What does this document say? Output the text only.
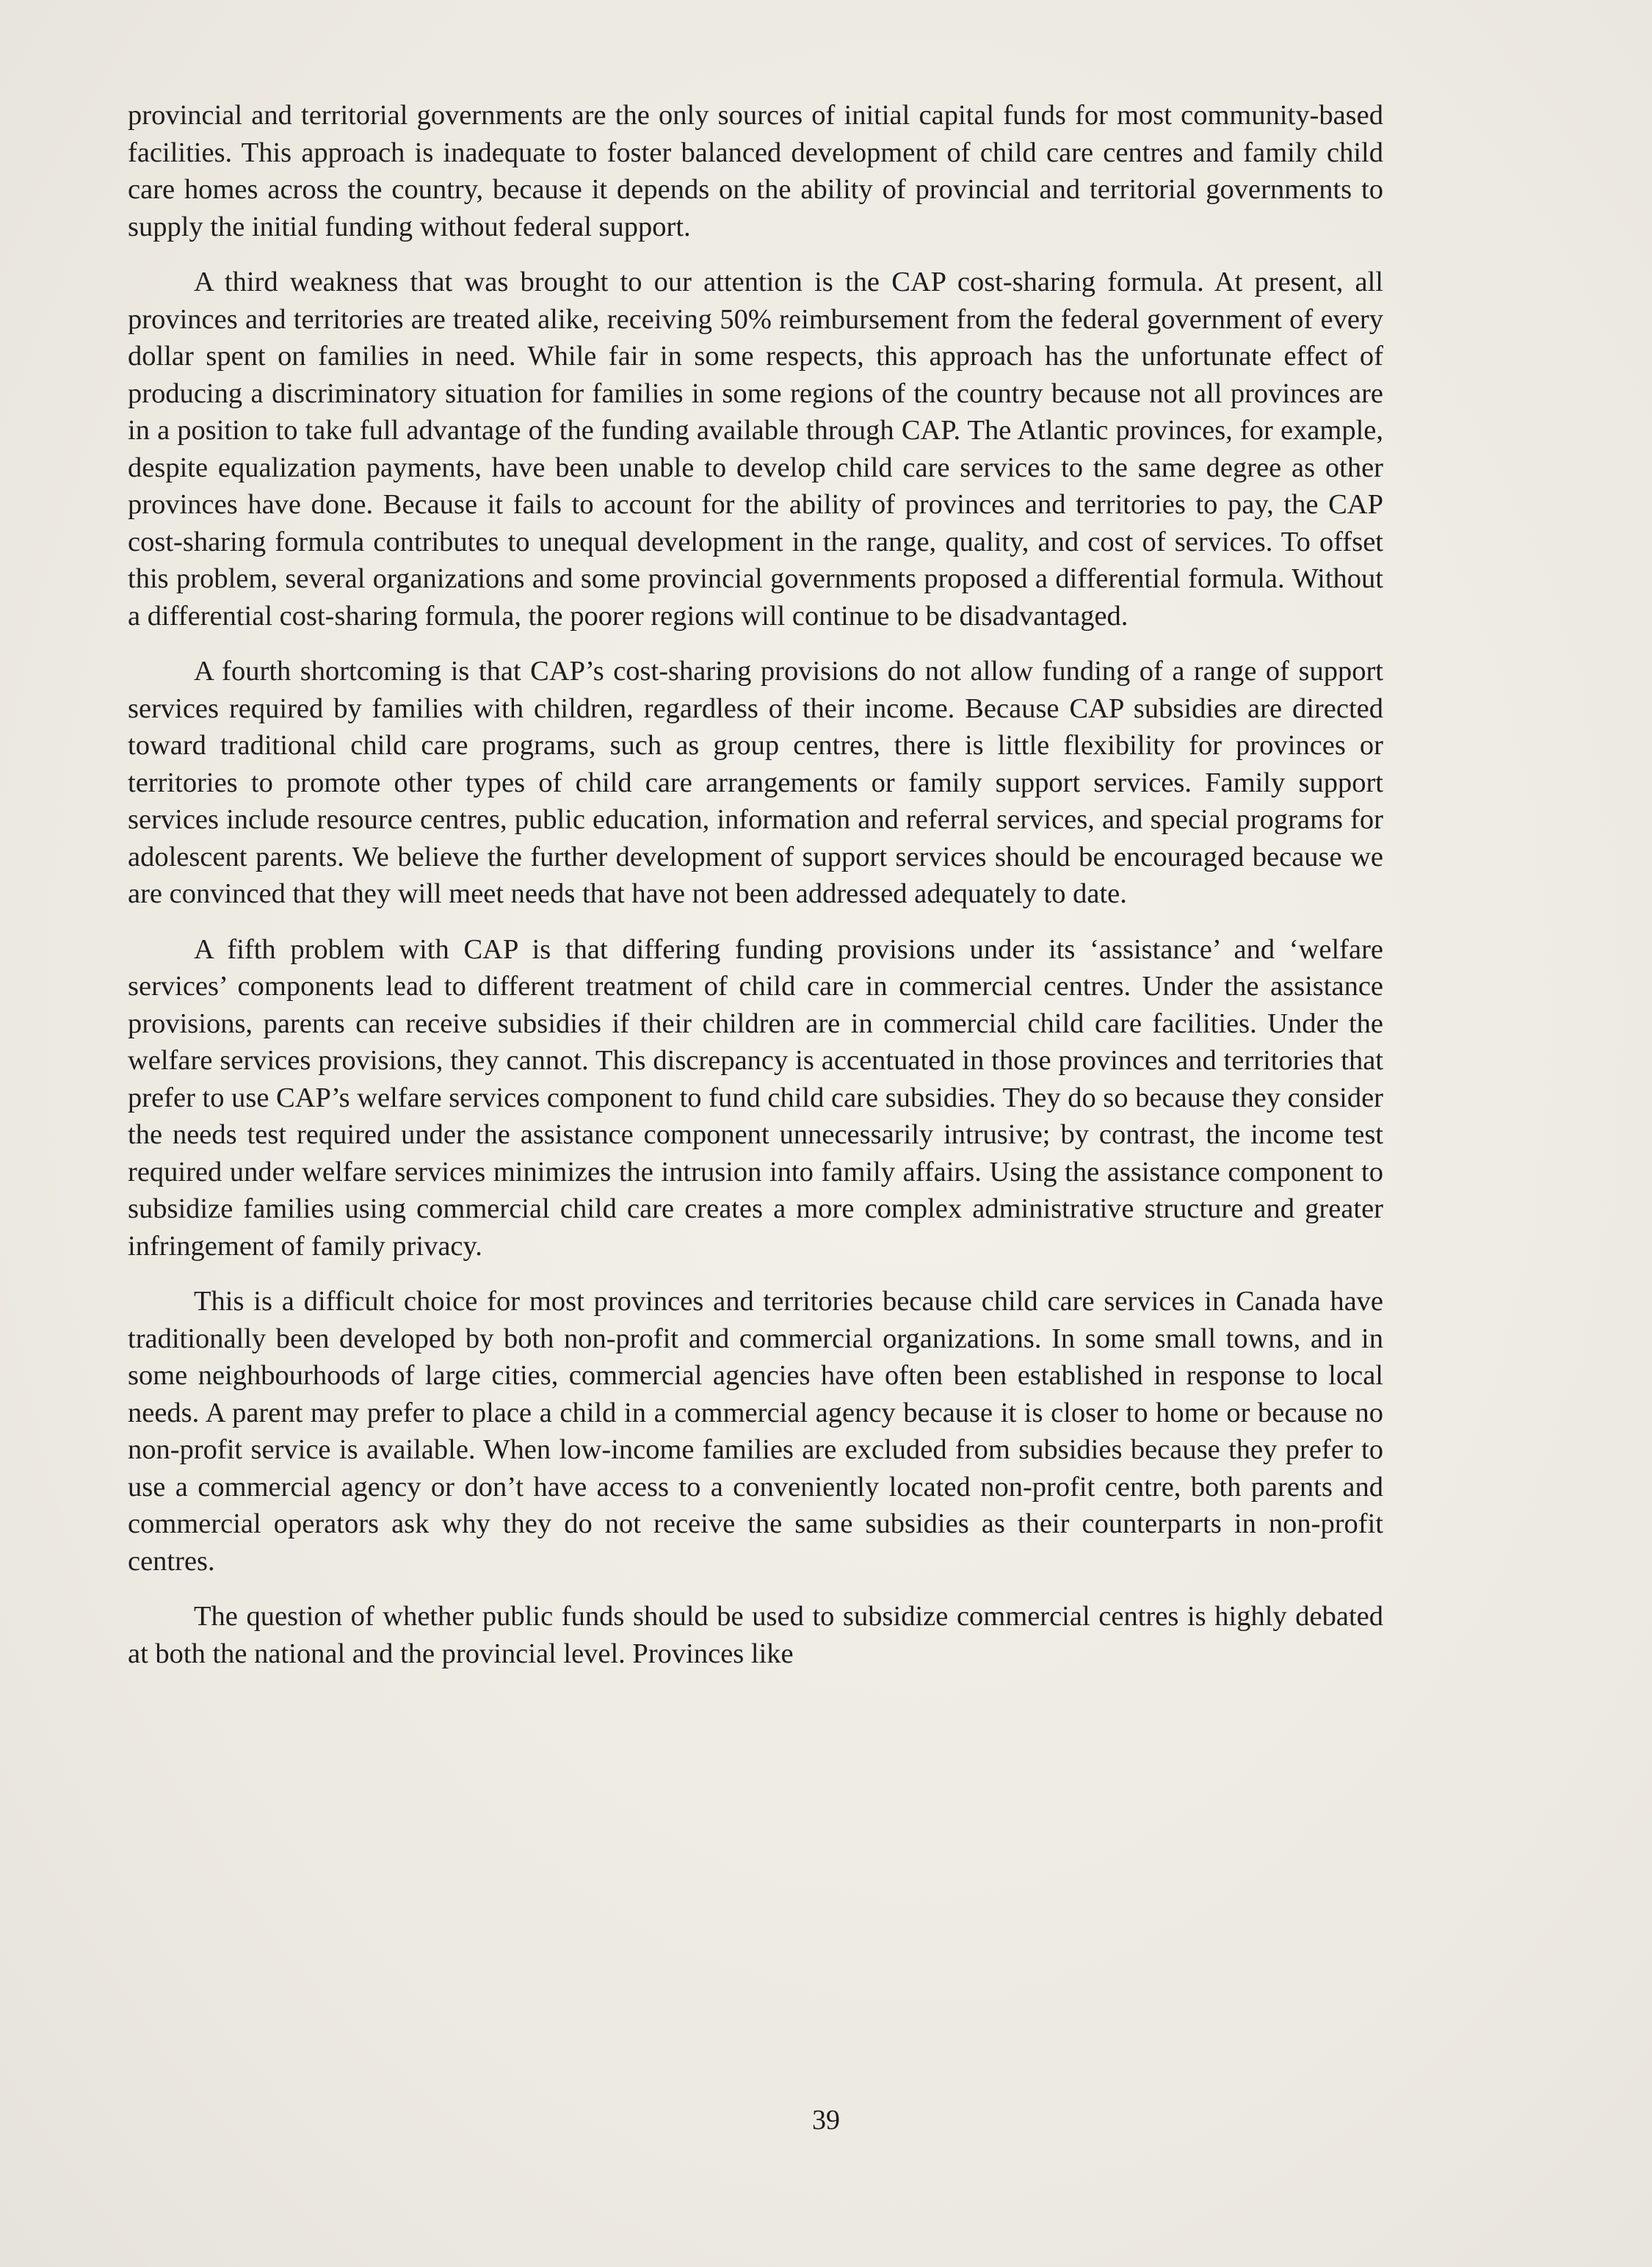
provincial and territorial governments are the only sources of initial capital funds for most community-based facilities. This approach is inadequate to foster balanced development of child care centres and family child care homes across the country, because it depends on the ability of provincial and territorial governments to supply the initial funding without federal support.

A third weakness that was brought to our attention is the CAP cost-sharing formula. At present, all provinces and territories are treated alike, receiving 50% reimbursement from the federal government of every dollar spent on families in need. While fair in some respects, this approach has the unfortunate effect of producing a discriminatory situation for families in some regions of the country because not all provinces are in a position to take full advantage of the funding available through CAP. The Atlantic provinces, for example, despite equalization payments, have been unable to develop child care services to the same degree as other provinces have done. Because it fails to account for the ability of provinces and territories to pay, the CAP cost-sharing formula contributes to unequal development in the range, quality, and cost of services. To offset this problem, several organizations and some provincial governments proposed a differential formula. Without a differential cost-sharing formula, the poorer regions will continue to be disadvantaged.

A fourth shortcoming is that CAP’s cost-sharing provisions do not allow funding of a range of support services required by families with children, regardless of their income. Because CAP subsidies are directed toward traditional child care programs, such as group centres, there is little flexibility for provinces or territories to promote other types of child care arrangements or family support services. Family support services include resource centres, public education, information and referral services, and special programs for adolescent parents. We believe the further development of support services should be encouraged because we are convinced that they will meet needs that have not been addressed adequately to date.

A fifth problem with CAP is that differing funding provisions under its ‘assistance’ and ‘welfare services’ components lead to different treatment of child care in commercial centres. Under the assistance provisions, parents can receive subsidies if their children are in commercial child care facilities. Under the welfare services provisions, they cannot. This discrepancy is accentuated in those provinces and territories that prefer to use CAP’s welfare services component to fund child care subsidies. They do so because they consider the needs test required under the assistance component unnecessarily intrusive; by contrast, the income test required under welfare services minimizes the intrusion into family affairs. Using the assistance component to subsidize families using commercial child care creates a more complex administrative structure and greater infringement of family privacy.

This is a difficult choice for most provinces and territories because child care services in Canada have traditionally been developed by both non-profit and commercial organizations. In some small towns, and in some neighbourhoods of large cities, commercial agencies have often been established in response to local needs. A parent may prefer to place a child in a commercial agency because it is closer to home or because no non-profit service is available. When low-income families are excluded from subsidies because they prefer to use a commercial agency or don’t have access to a conveniently located non-profit centre, both parents and commercial operators ask why they do not receive the same subsidies as their counterparts in non-profit centres.

The question of whether public funds should be used to subsidize commercial centres is highly debated at both the national and the provincial level. Provinces like

39
